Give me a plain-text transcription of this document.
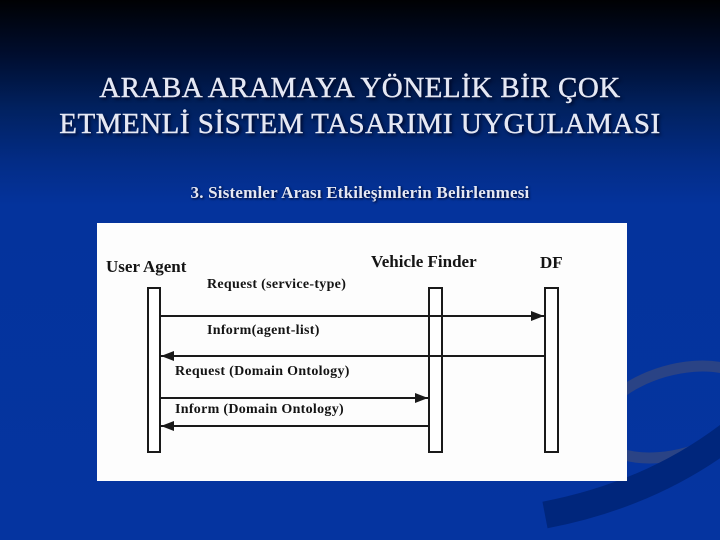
ARABA ARAMAYA YÖNELİK BİR ÇOK
ETMENLİ SİSTEM TASARIMI UYGULAMASI
3. Sistemler Arası Etkileşimlerin Belirlenmesi
User Agent	Vehicle Finder	DF
Request (service-type)
Inform(agent-list)
Request (Domain Ontology)
Inform (Domain Ontology)
